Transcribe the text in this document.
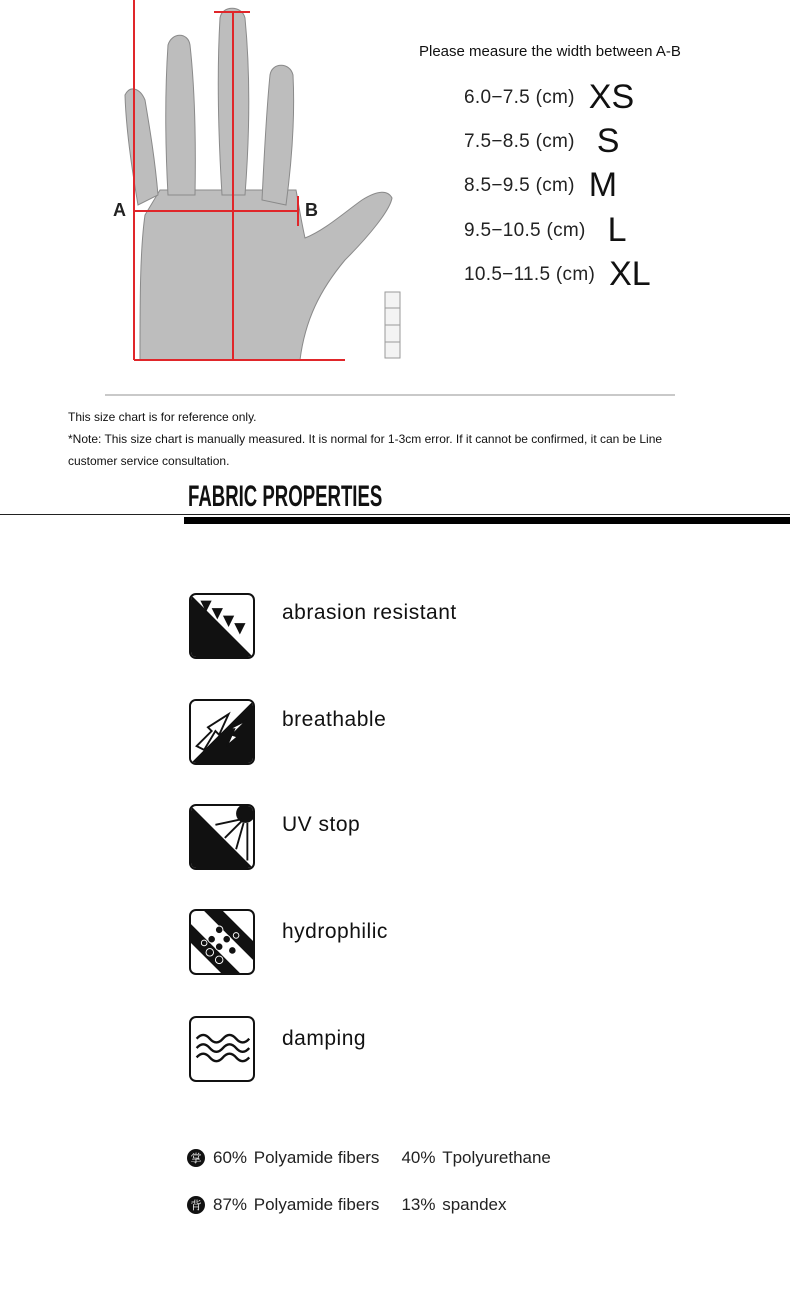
A	B
Please measure the width between A-B
6.0−7.5 (cm) XS
7.5−8.5 (cm) S
8.5−9.5 (cm) M
9.5−10.5 (cm) L
10.5−11.5 (cm) XL
This size chart is for reference only.
*Note: This size chart is manually measured. It is normal for 1-3cm error. If it cannot be confirmed, it can be Line
customer service consultation.
FABRIC PROPERTIES
abrasion resistant
breathable
UV stop
hydrophilic
damping
掌 60%
Polyamide fibers 40%
Tpolyurethane
背 87%
Polyamide fibers 13%
spandex
